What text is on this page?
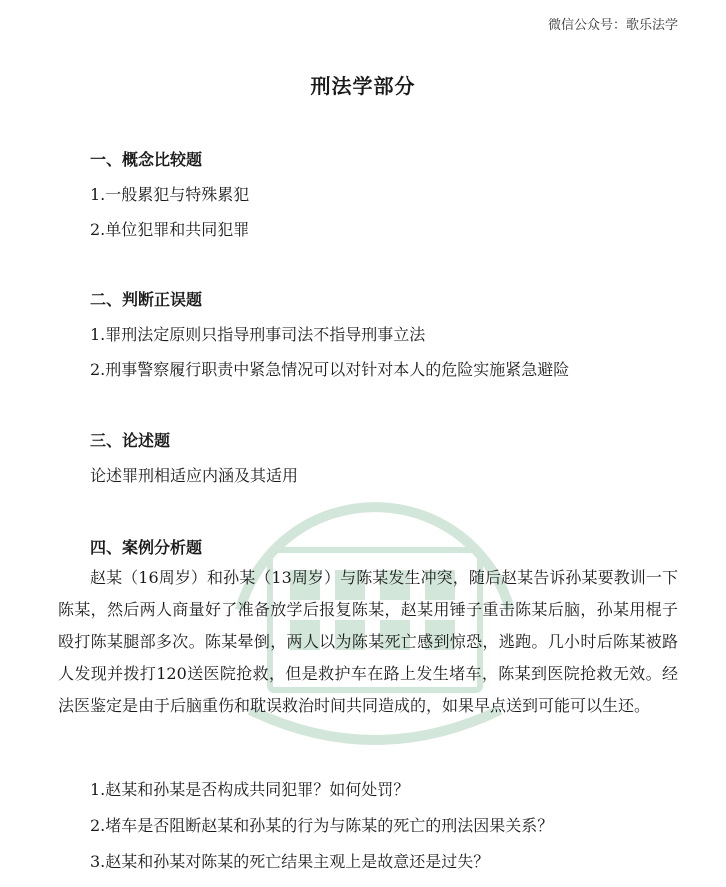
微信公众号：歌乐法学
刑法学部分
一、概念比较题
1.一般累犯与特殊累犯
2.单位犯罪和共同犯罪
二、判断正误题
1.罪刑法定原则只指导刑事司法不指导刑事立法
2.刑事警察履行职责中紧急情况可以对针对本人的危险实施紧急避险
三、论述题
论述罪刑相适应内涵及其适用
四、案例分析题
赵某（16周岁）和孙某（13周岁）与陈某发生冲突，随后赵某告诉孙某要教训一下陈某，然后两人商量好了准备放学后报复陈某，赵某用锤子重击陈某后脑，孙某用棍子殴打陈某腿部多次。陈某晕倒，两人以为陈某死亡感到惊恐，逃跑。几小时后陈某被路人发现并拨打120送医院抢救，但是救护车在路上发生堵车，陈某到医院抢救无效。经法医鉴定是由于后脑重伤和耽误救治时间共同造成的，如果早点送到可能可以生还。
1.赵某和孙某是否构成共同犯罪？如何处罚？
2.堵车是否阻断赵某和孙某的行为与陈某的死亡的刑法因果关系？
3.赵某和孙某对陈某的死亡结果主观上是故意还是过失？
